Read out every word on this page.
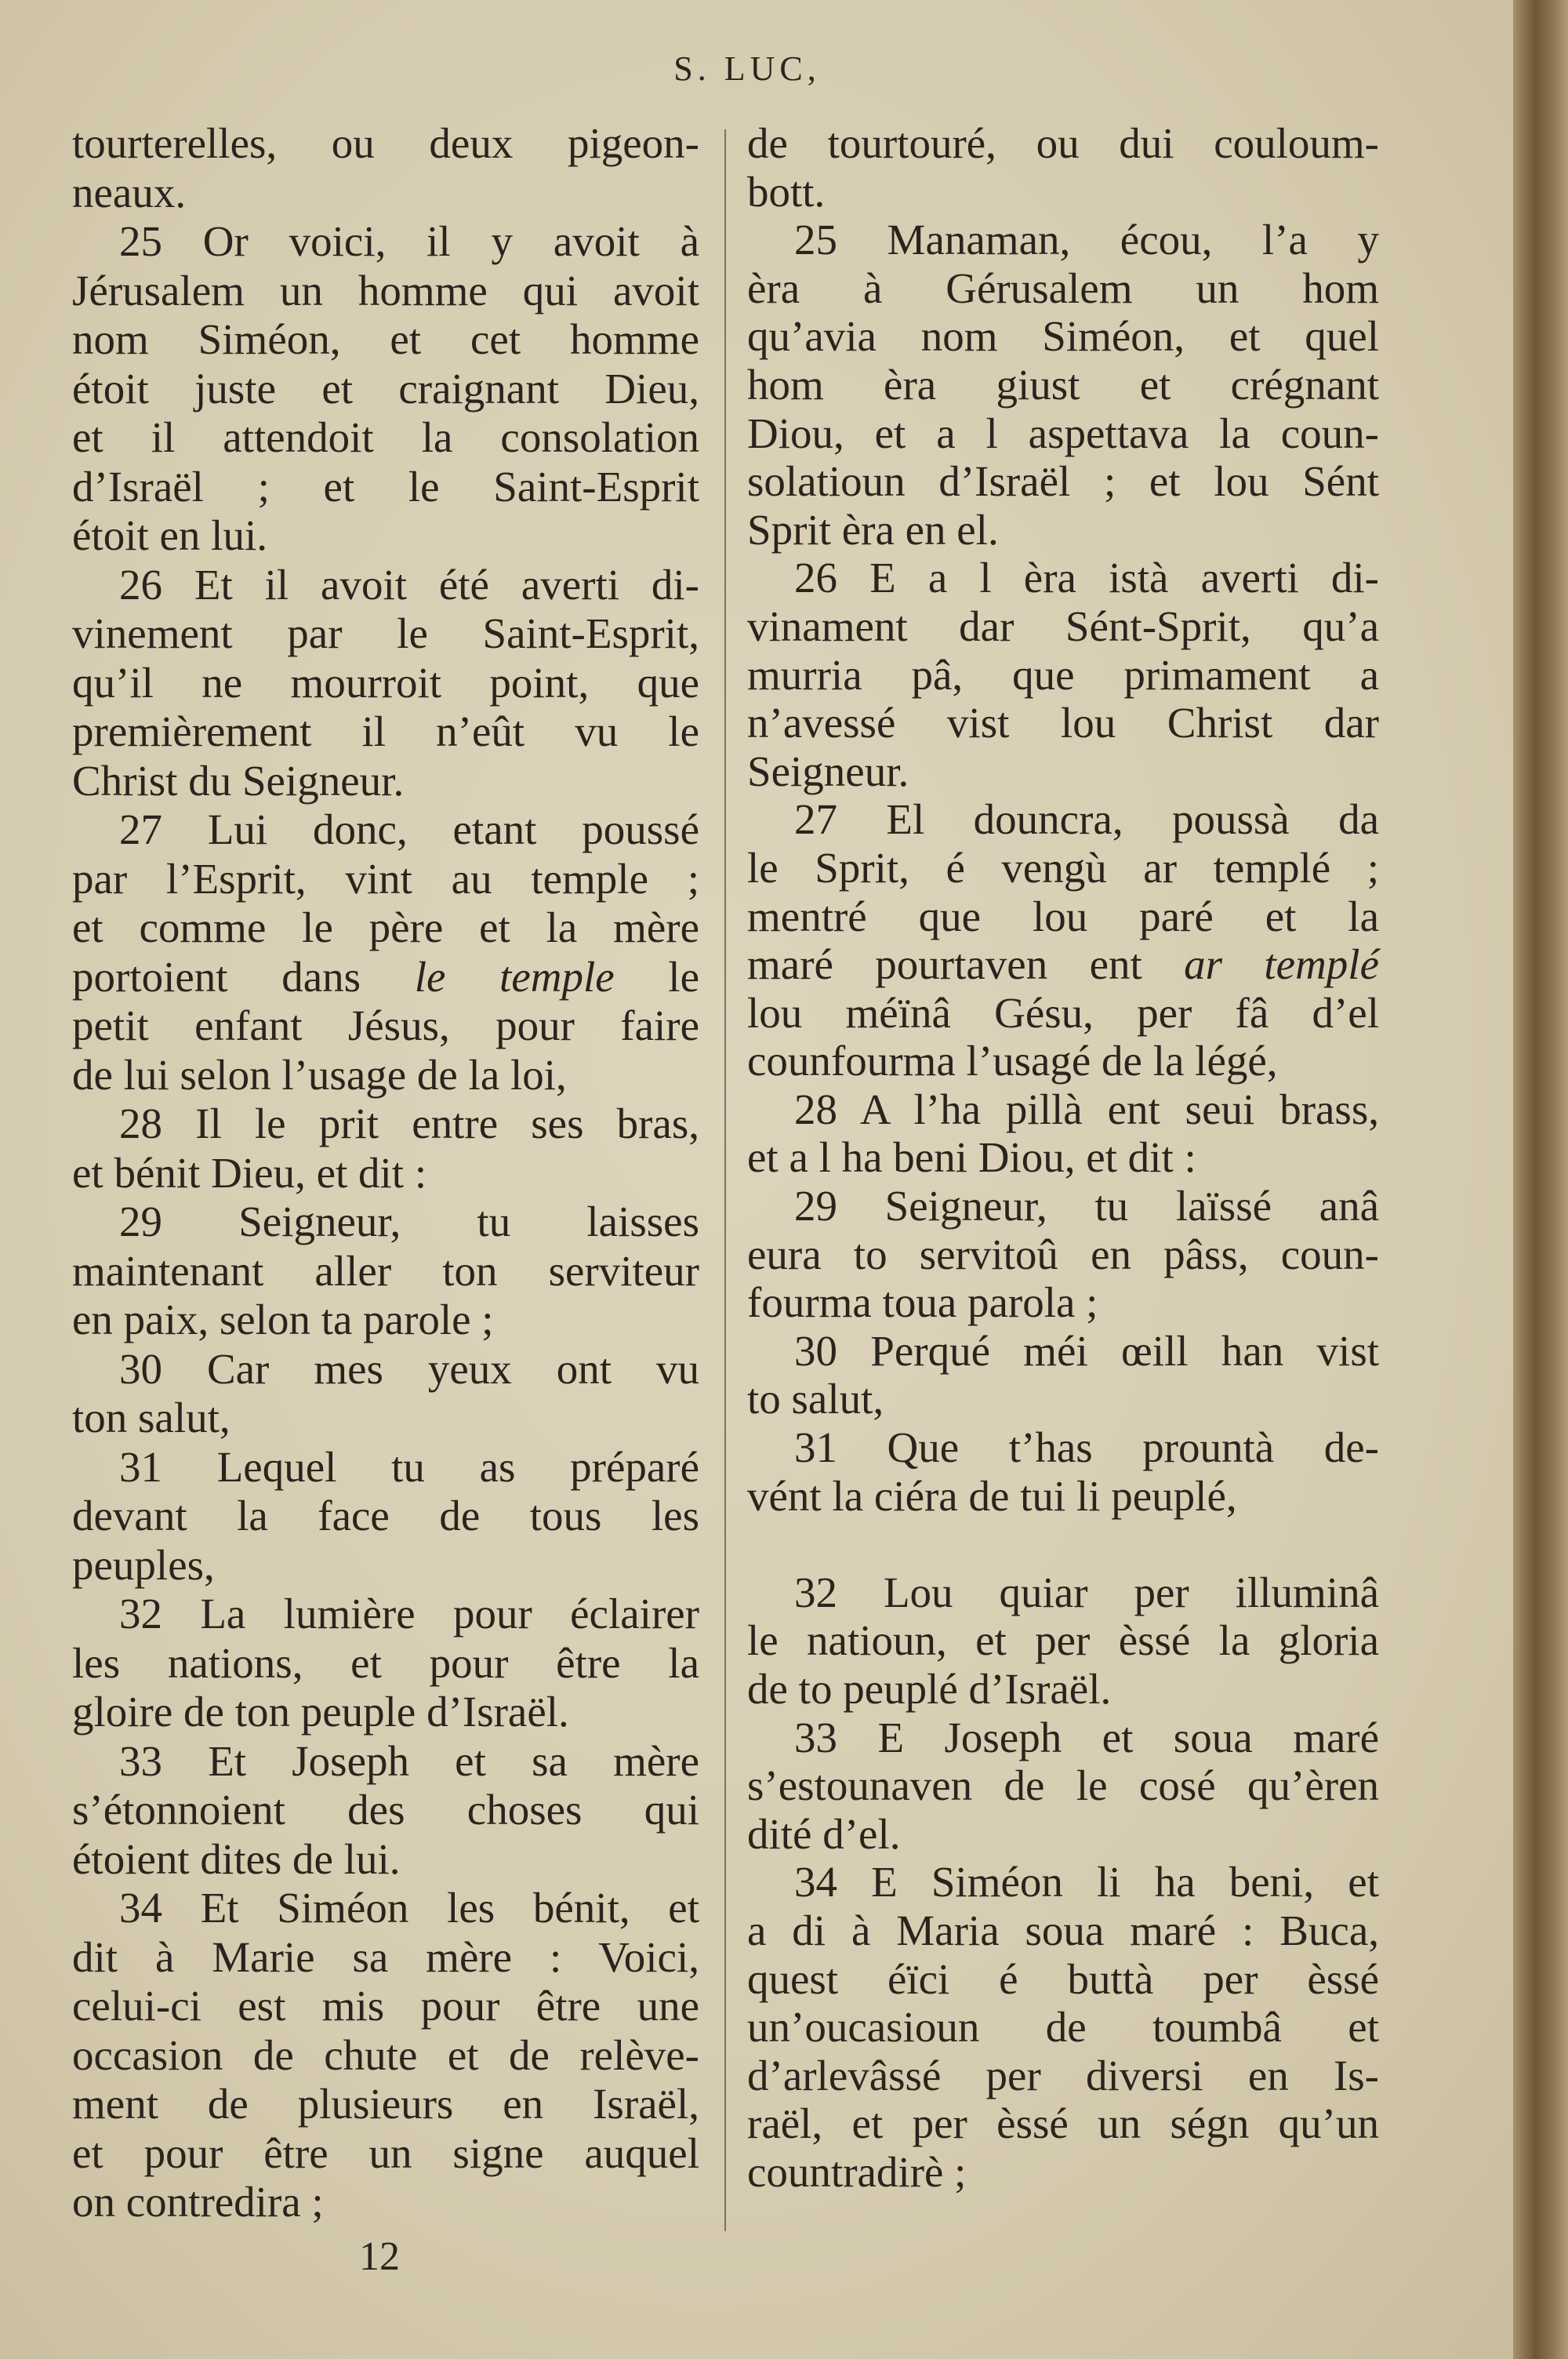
S. LUC,
tourterelles, ou deux pigeon-
neaux.
25 Or voici, il y avoit à
Jérusalem un homme qui avoit
nom Siméon, et cet homme
étoit juste et craignant Dieu,
et il attendoit la consolation
d’Israël ; et le Saint-Esprit
étoit en lui.
26 Et il avoit été averti di-
vinement par le Saint-Esprit,
qu’il ne mourroit point, que
premièrement il n’eût vu le
Christ du Seigneur.
27 Lui donc, etant poussé
par l’Esprit, vint au temple ;
et comme le père et la mère
portoient dans le temple le
petit enfant Jésus, pour faire
de lui selon l’usage de la loi,
28 Il le prit entre ses bras,
et bénit Dieu, et dit :
29 Seigneur, tu laisses
maintenant aller ton serviteur
en paix, selon ta parole ;
30 Car mes yeux ont vu
ton salut,
31 Lequel tu as préparé
devant la face de tous les
peuples,
32 La lumière pour éclairer
les nations, et pour être la
gloire de ton peuple d’Israël.
33 Et Joseph et sa mère
s’étonnoient des choses qui
étoient dites de lui.
34 Et Siméon les bénit, et
dit à Marie sa mère : Voici,
celui-ci est mis pour être une
occasion de chute et de relève-
ment de plusieurs en Israël,
et pour être un signe auquel
on contredira ;
de tourtouré, ou dui couloum-
bott.
25 Manaman, écou, l’a y
èra à Gérusalem un hom
qu’avia nom Siméon, et quel
hom èra giust et crégnant
Diou, et a l aspettava la coun-
solatioun d’Israël ; et lou Sént
Sprit èra en el.
26 E a l èra istà averti di-
vinament dar Sént-Sprit, qu’a
murria pâ, que primament a
n’avessé vist lou Christ dar
Seigneur.
27 El douncra, poussà da
le Sprit, é vengù ar templé ;
mentré que lou paré et la
maré pourtaven ent ar templé
lou méïnâ Gésu, per fâ d’el
counfourma l’usagé de la légé,
28 A l’ha pillà ent seui brass,
et a l ha beni Diou, et dit :
29 Seigneur, tu laïssé anâ
eura to servitoû en pâss, coun-
fourma toua parola ;
30 Perqué méi œill han vist
to salut,
31 Que t’has prountà de-
vént la ciéra de tui li peuplé,
32 Lou quiar per illuminâ
le natioun, et per èssé la gloria
de to peuplé d’Israël.
33 E Joseph et soua maré
s’estounaven de le cosé qu’èren
dité d’el.
34 E Siméon li ha beni, et
a di à Maria soua maré : Buca,
quest éïci é buttà per èssé
un’oucasioun de toumbâ et
d’arlevâssé per diversi en Is-
raël, et per èssé un ségn qu’un
countradirè ;
12
